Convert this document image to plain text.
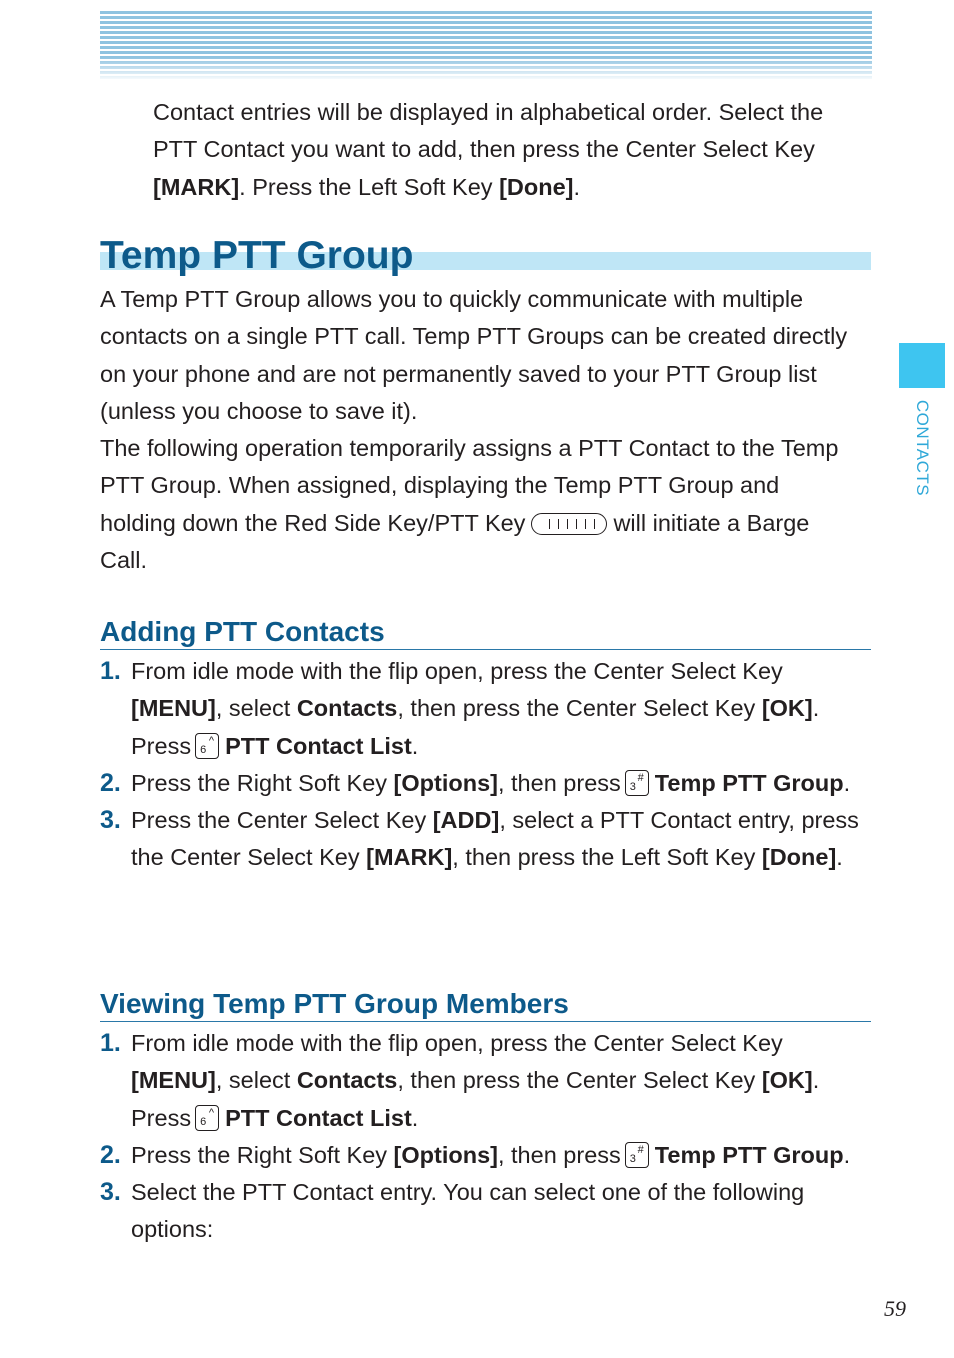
Contact entries will be displayed in alphabetical order. Select the PTT Contact you want to add, then press the Center Select Key [MARK]. Press the Left Soft Key [Done].

Temp PTT Group

A Temp PTT Group allows you to quickly communicate with multiple contacts on a single PTT call. Temp PTT Groups can be created directly on your phone and are not permanently saved to your PTT Group list (unless you choose to save it).

The following operation temporarily assigns a PTT Contact to the Temp PTT Group. When assigned, displaying the Temp PTT Group and holding down the Red Side Key/PTT Key	will initiate a Barge Call.

Adding PTT Contacts
1. From idle mode with the flip open, press the Center Select Key [MENU], select Contacts, then press the Center Select Key [OK]. Press 6
^ PTT Contact List.
2. Press the Right Soft Key [Options], then press 3
# Temp PTT Group.
3. Press the Center Select Key [ADD], select a PTT Contact entry, press the Center Select Key [MARK], then press the Left Soft Key [Done].
Viewing Temp PTT Group Members
1. From idle mode with the flip open, press the Center Select Key [MENU], select Contacts, then press the Center Select Key [OK]. Press 6
^ PTT Contact List.
2. Press the Right Soft Key [Options], then press 3
# Temp PTT Group.
3. Select the PTT Contact entry. You can select one of the following options:
CONTACTS
59
